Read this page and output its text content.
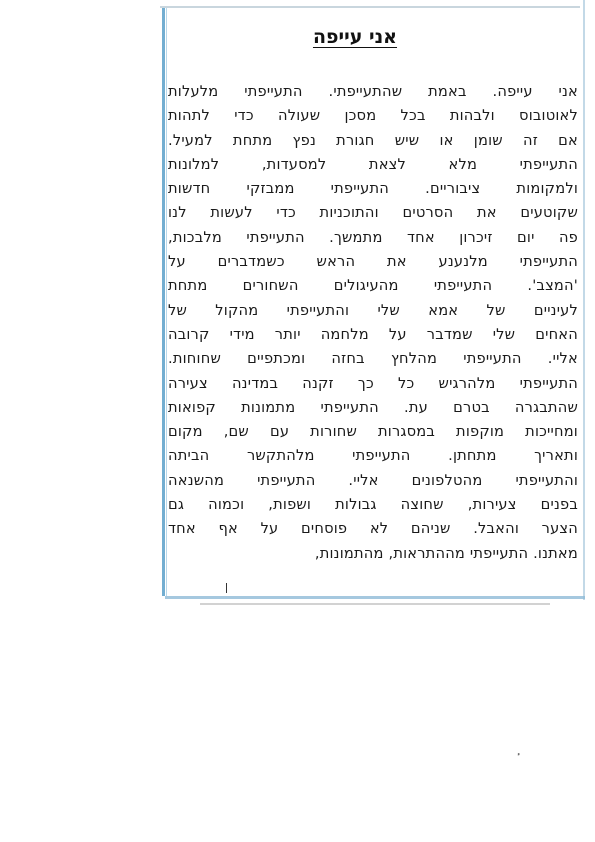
אני עייפה
אני עייפה. באמת שהתעייפתי. התעייפתי מלעלות
לאוטובוס ולבהות בכל מסכן שעולה כדי לתהות
אם זה שומן או שיש חגורת נפץ מתחת למעיל.
התעייפתי מלא לצאת למסעדות, למלונות
ולמקומות ציבוריים. התעייפתי ממבזקי חדשות
שקוטעים את הסרטים והתוכניות כדי לעשות לנו
פה יום זיכרון אחד מתמשך. התעייפתי מלבכות,
התעייפתי מלנענע את הראש כשמדברים על
'המצב'. התעייפתי מהעיגולים השחורים מתחת
לעיניים של אמא שלי והתעייפתי מהקול של
האחים שלי שמדבר על מלחמה יותר מידי קרובה
אליי. התעייפתי מהלחץ בחזה ומכתפיים שחוחות.
התעייפתי מלהרגיש כל כך זקנה במדינה צעירה
שהתבגרה בטרם עת. התעייפתי מתמונות קפואות
ומחייכות מוקפות במסגרות שחורות עם שם, מקום
ותאריך מתחתן. התעייפתי מלהתקשר הביתה
והתעייפתי מהטלפונים אליי. התעייפתי מהשנאה
בפנים צעירות, שחוצה גבולות ושפות, וכמוה גם
הצער והאבל. שניהם לא פוסחים על אף אחד
מאתנו. התעייפתי מההתראות, מהתמונות,
